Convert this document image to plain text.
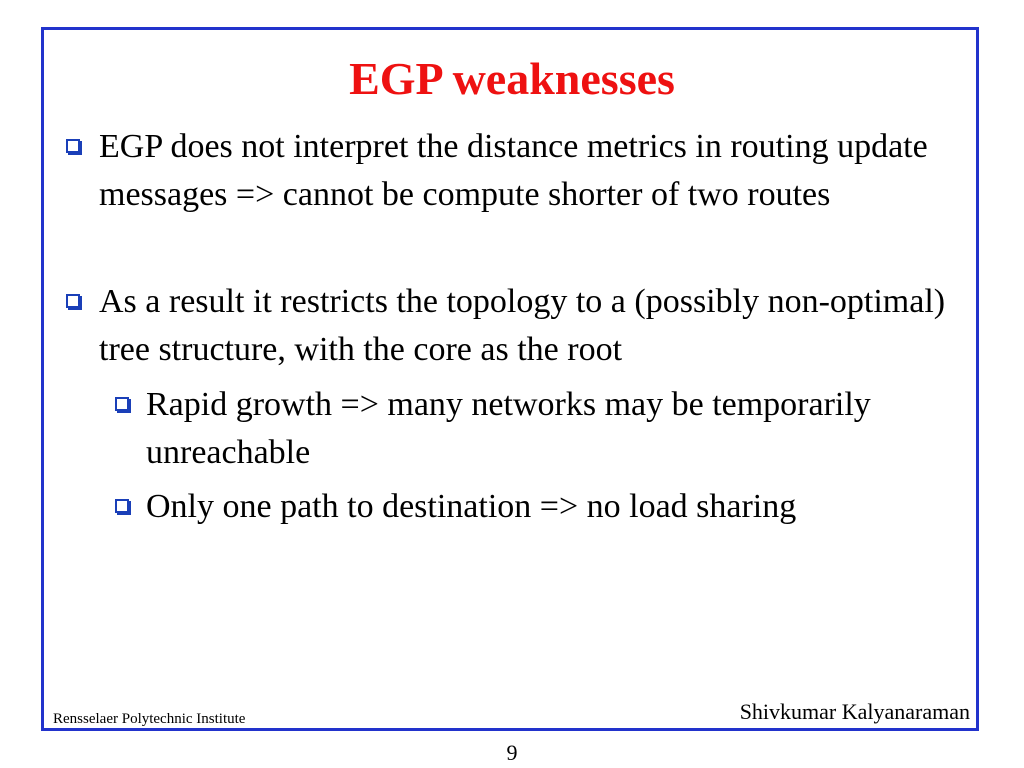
EGP weaknesses
EGP does not interpret the distance metrics in routing update messages => cannot be compute shorter of two routes
As a result it restricts the topology to a (possibly non-optimal) tree structure, with the core as the root
Rapid growth => many networks may be temporarily unreachable
Only one path to destination => no load sharing
Rensselaer Polytechnic Institute	Shivkumar Kalyanaraman
9
